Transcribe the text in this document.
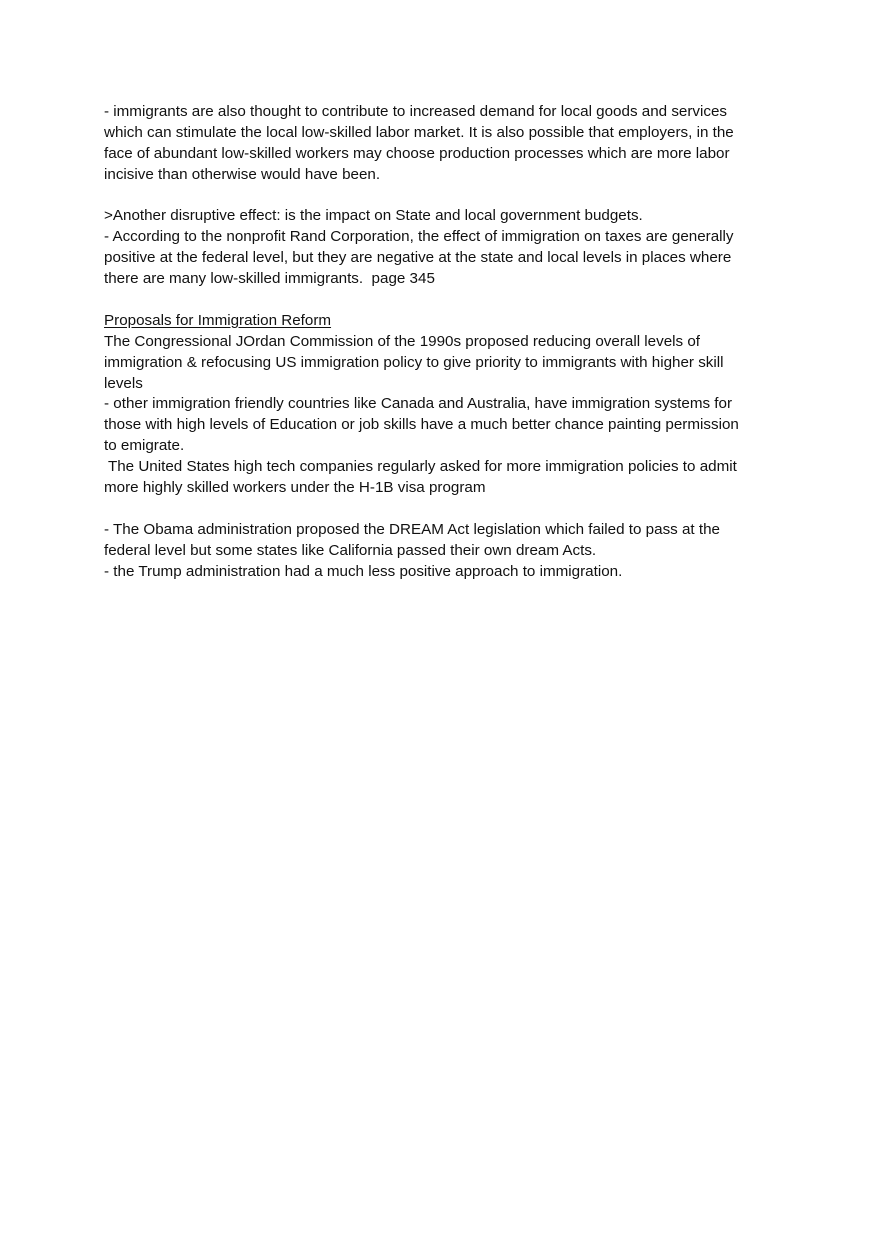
- immigrants are also thought to contribute to increased demand for local goods and services
which can stimulate the local low-skilled labor market. It is also possible that employers, in the
face of abundant low-skilled workers may choose production processes which are more labor
incisive than otherwise would have been.
>Another disruptive effect: is the impact on State and local government budgets.
- According to the nonprofit Rand Corporation, the effect of immigration on taxes are generally
positive at the federal level, but they are negative at the state and local levels in places where
there are many low-skilled immigrants.  page 345
Proposals for Immigration Reform
The Congressional JOrdan Commission of the 1990s proposed reducing overall levels of
immigration & refocusing US immigration policy to give priority to immigrants with higher skill
levels
- other immigration friendly countries like Canada and Australia, have immigration systems for
those with high levels of Education or job skills have a much better chance painting permission
to emigrate.
The United States high tech companies regularly asked for more immigration policies to admit
more highly skilled workers under the H-1B visa program
- The Obama administration proposed the DREAM Act legislation which failed to pass at the
federal level but some states like California passed their own dream Acts.
- the Trump administration had a much less positive approach to immigration.
